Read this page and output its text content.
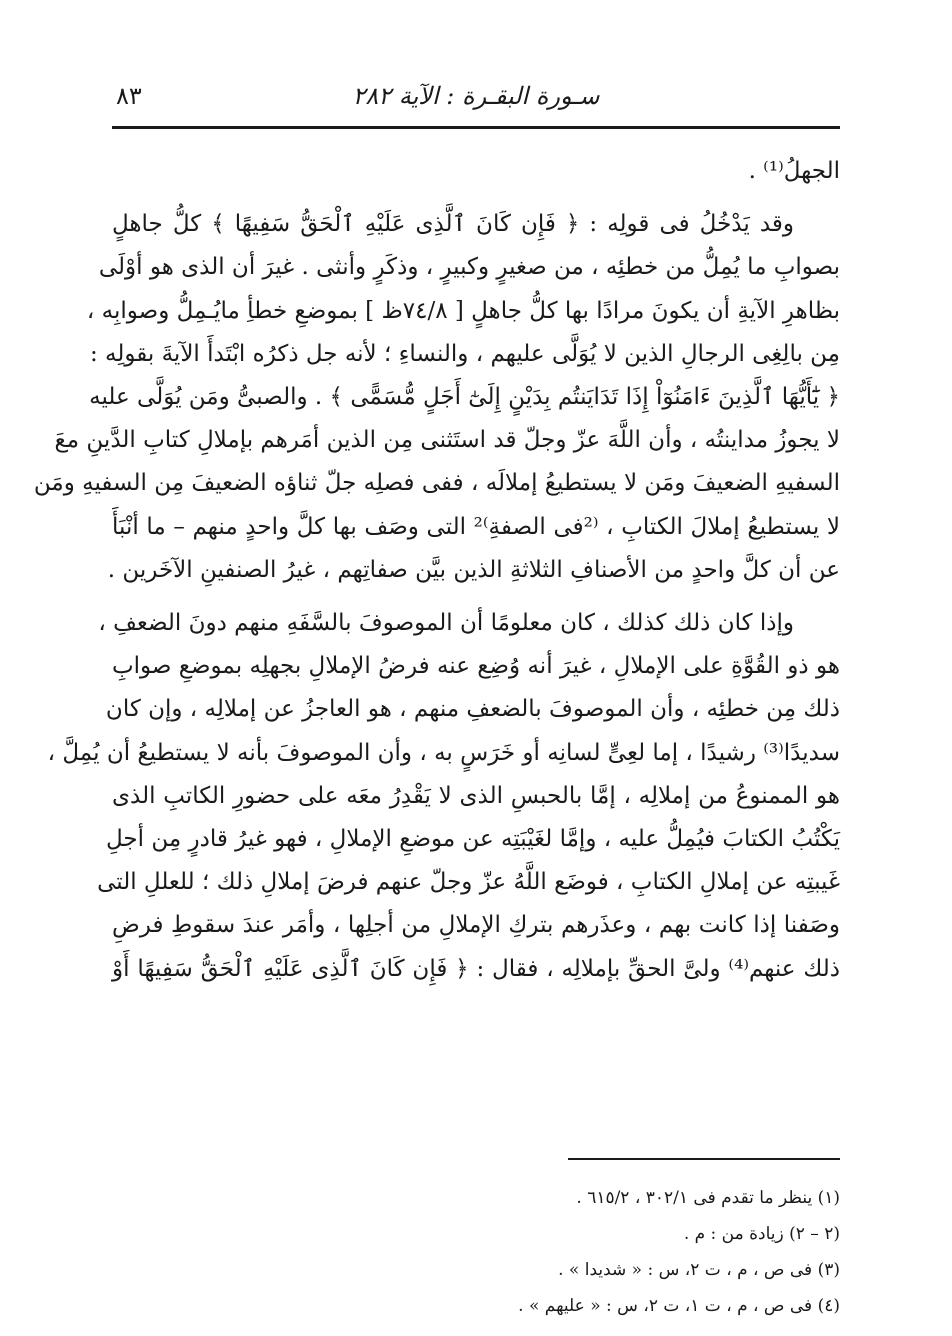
سـورة البقـرة : الآية ٢٨٢
٨٣

الجهلُ⁽¹⁾ .

وقد يَدْخُلُ فى قولِه : ﴿ فَإِن كَانَ ٱلَّذِى عَلَيْهِ ٱلْحَقُّ سَفِيهًا ﴾ كلُّ جاهلٍ
بصوابِ ما يُمِلُّ من خطئِه ، من صغيرٍ وكبيرٍ ، وذكَرٍ وأنثى . غيرَ أن الذى هو أوْلَى
بظاهرِ الآيةِ أن يكونَ مرادًا بها كلُّ جاهلٍ [ ٧٤/٨ظ ] بموضعِ خطأِ مايُـمِلُّ وصوابِه ،
مِن بالِغِى الرجالِ الذين لا يُوَلَّى عليهم ، والنساءِ ؛ لأنه جل ذكرُه ابْتَدأَ الآيةَ بقولِه :
﴿ يَٰٓأَيُّهَا ٱلَّذِينَ ءَامَنُوٓاْ إِذَا تَدَايَنتُم بِدَيْنٍ إِلَىٰٓ أَجَلٍ مُّسَمًّى ﴾ . والصبىُّ ومَن يُوَلَّى عليه
لا يجوزُ مداينتُه ، وأن اللَّهَ عزّ وجلّ قد استَثنى مِن الذين أمَرهم بإملالِ كتابِ الدَّينِ معَ
السفيهِ الضعيفَ ومَن لا يستطيعُ إملالَه ، ففى فصلِه جلّ ثناؤه الضعيفَ مِن السفيهِ ومَن
لا يستطيعُ إملالَ الكتابِ ، ⁽²فى الصفةِ⁾² التى وصَف بها كلَّ واحدٍ منهم – ما أنْبَأَ
عن أن كلَّ واحدٍ من الأصنافِ الثلاثةِ الذين بيَّن صفاتِهم ، غيرُ الصنفينِ الآخَرين .

وإذا كان ذلك كذلك ، كان معلومًا أن الموصوفَ بالسَّفَهِ منهم دونَ الضعفِ ،
هو ذو القُوَّةِ على الإملالِ ، غيرَ أنه وُضِع عنه فرضُ الإملالِ بجهلِه بموضعِ صوابِ
ذلك مِن خطئِه ، وأن الموصوفَ بالضعفِ منهم ، هو العاجزُ عن إملالِه ، وإن كان
سديدًا⁽³⁾ رشيدًا ، إما لعِىٍّ لسانِه أو خَرَسٍ به ، وأن الموصوفَ بأنه لا يستطيعُ أن يُمِلَّ ،
هو الممنوعُ من إملالِه ، إمَّا بالحبسِ الذى لا يَقْدِرُ معَه على حضورِ الكاتبِ الذى
يَكْتُبُ الكتابَ فيُمِلُّ عليه ، وإمَّا لغَيْبَتِه عن موضعِ الإملالِ ، فهو غيرُ قادرٍ مِن أجلِ
غَيبتِه عن إملالِ الكتابِ ، فوضَع اللَّهُ عزّ وجلّ عنهم فرضَ إملالِ ذلك ؛ للعللِ التى
وصَفنا إذا كانت بهم ، وعذَرهم بتركِ الإملالِ من أجلِها ، وأمَر عندَ سقوطِ فرضِ
ذلك عنهم⁽⁴⁾ ولىَّ الحقِّ بإملالِه ، فقال : ﴿ فَإِن كَانَ ٱلَّذِى عَلَيْهِ ٱلْحَقُّ سَفِيهًا أَوْ

(١) ينظر ما تقدم فى ٣٠٢/١ ، ٦١٥/٢ .
(٢ – ٢) زيادة من : م .
(٣) فى ص ، م ، ت ٢، س : « شديدا » .
(٤) فى ص ، م ، ت ١، ت ٢، س : « عليهم » .
